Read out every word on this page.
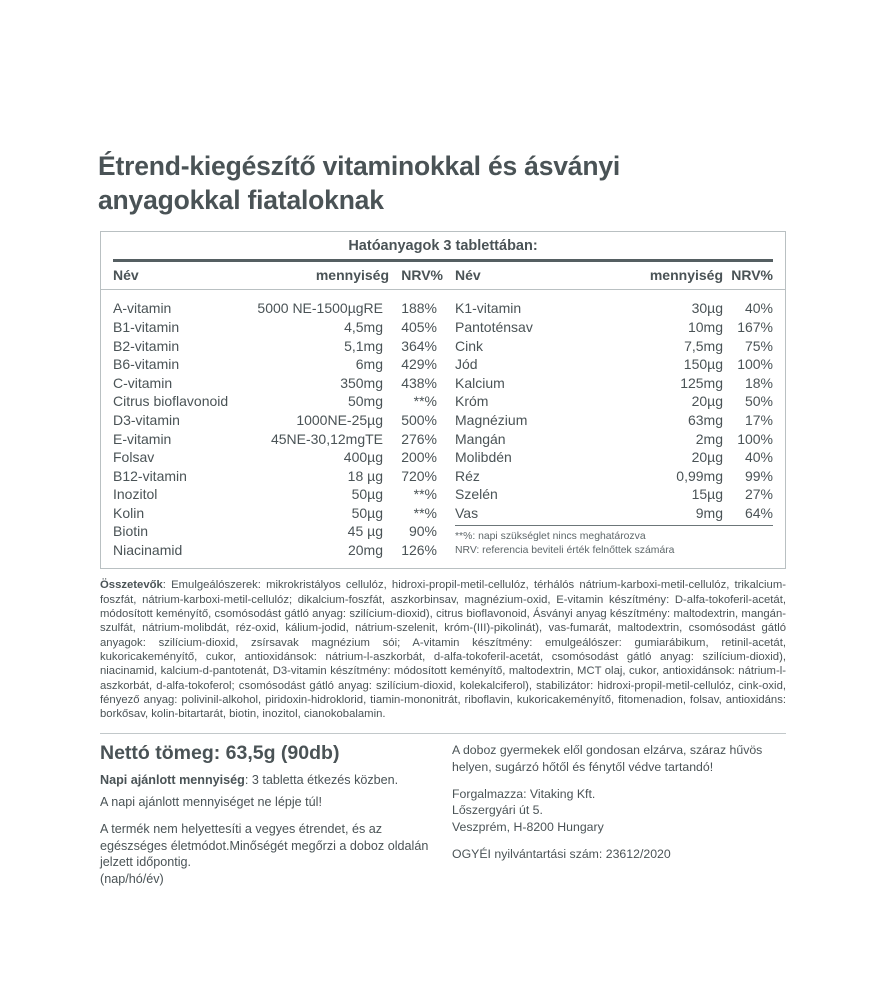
Étrend-kiegészítő vitaminokkal és ásványi anyagokkal fiataloknak
Hatóanyagok 3 tablettában:
Név	mennyiség NRV% Név	mennyiség NRV%
A-vitamin	5000 NE-1500µgRE	188%
B1-vitamin	4,5mg	405%
B2-vitamin	5,1mg	364%
B6-vitamin	6mg	429%
C-vitamin	350mg	438%
Citrus bioflavonoid	50mg	**%
D3-vitamin	1000NE-25µg	500%
E-vitamin	45NE-30,12mgTE	276%
Folsav	400µg	200%
B12-vitamin	18 µg	720%
Inozitol	50µg	**%
Kolin	50µg	**%
Biotin	45 µg	90%
Niacinamid	20mg	126%
K1-vitamin	30µg	40%
Pantoténsav	10mg	167%
Cink	7,5mg	75%
Jód	150µg	100%
Kalcium	125mg	18%
Króm	20µg	50%
Magnézium	63mg	17%
Mangán	2mg	100%
Molibdén	20µg	40%
Réz	0,99mg	99%
Szelén	15µg	27%
Vas	9mg	64%
**%: napi szükséglet nincs meghatározva
NRV: referencia beviteli érték felnőttek számára

Összetevők: Emulgeálószerek: mikrokristályos cellulóz, hidroxi-propil-metil-cellulóz, térhálós nátrium-karboxi-metil-cellulóz, trikalcium-foszfát, nátrium-karboxi-metil-cellulóz; dikalcium-foszfát, aszkorbinsav, magnézium-oxid, E-vitamin készítmény: D-alfa-tokoferil-acetát, módosított keményítő, csomósodást gátló anyag: szilícium-dioxid), citrus bioflavonoid, Ásványi anyag készítmény: maltodextrin, mangán-szulfát, nátrium-molibdát, réz-oxid, kálium-jodid, nátrium-szelenit, króm-(III)-pikolinát), vas-fumarát, maltodextrin, csomósodást gátló anyagok: szilícium-dioxid, zsírsavak magnézium sói; A-vitamin készítmény: emulgeálószer: gumiarábikum, retinil-acetát, kukoricakeményítő, cukor, antioxidánsok: nátrium-l-aszkorbát, d-alfa-tokoferil-acetát, csomósodást gátló anyag: szilícium-dioxid), niacinamid, kalcium-d-pantotenát, D3-vitamin készítmény: módosított keményítő, maltodextrin, MCT olaj, cukor, antioxidánsok: nátrium-l-aszkorbát, d-alfa-tokoferol; csomósodást gátló anyag: szilícium-dioxid, kolekalciferol), stabilizátor: hidroxi-propil-metil-cellulóz, cink-oxid, fényező anyag: polivinil-alkohol, piridoxin-hidroklorid, tiamin-mononitrát, riboflavin, kukoricakeményítő, fitomenadion, folsav, antioxidáns: borkősav, kolin-bitartarát, biotin, inozitol, cianokobalamin.

Nettó tömeg: 63,5g (90db)
Napi ajánlott mennyiség: 3 tabletta étkezés közben.
A napi ajánlott mennyiséget ne lépje túl!
A termék nem helyettesíti a vegyes étrendet, és az egészséges életmódot.Minőségét megőrzi a doboz oldalán jelzett időpontig.
(nap/hó/év)
A doboz gyermekek elől gondosan elzárva, száraz hűvös helyen, sugárzó hőtől és fénytől védve tartandó!
Forgalmazza: Vitaking Kft.
Lőszergyári út 5.
Veszprém, H-8200 Hungary
OGYÉI nyilvántartási szám: 23612/2020
